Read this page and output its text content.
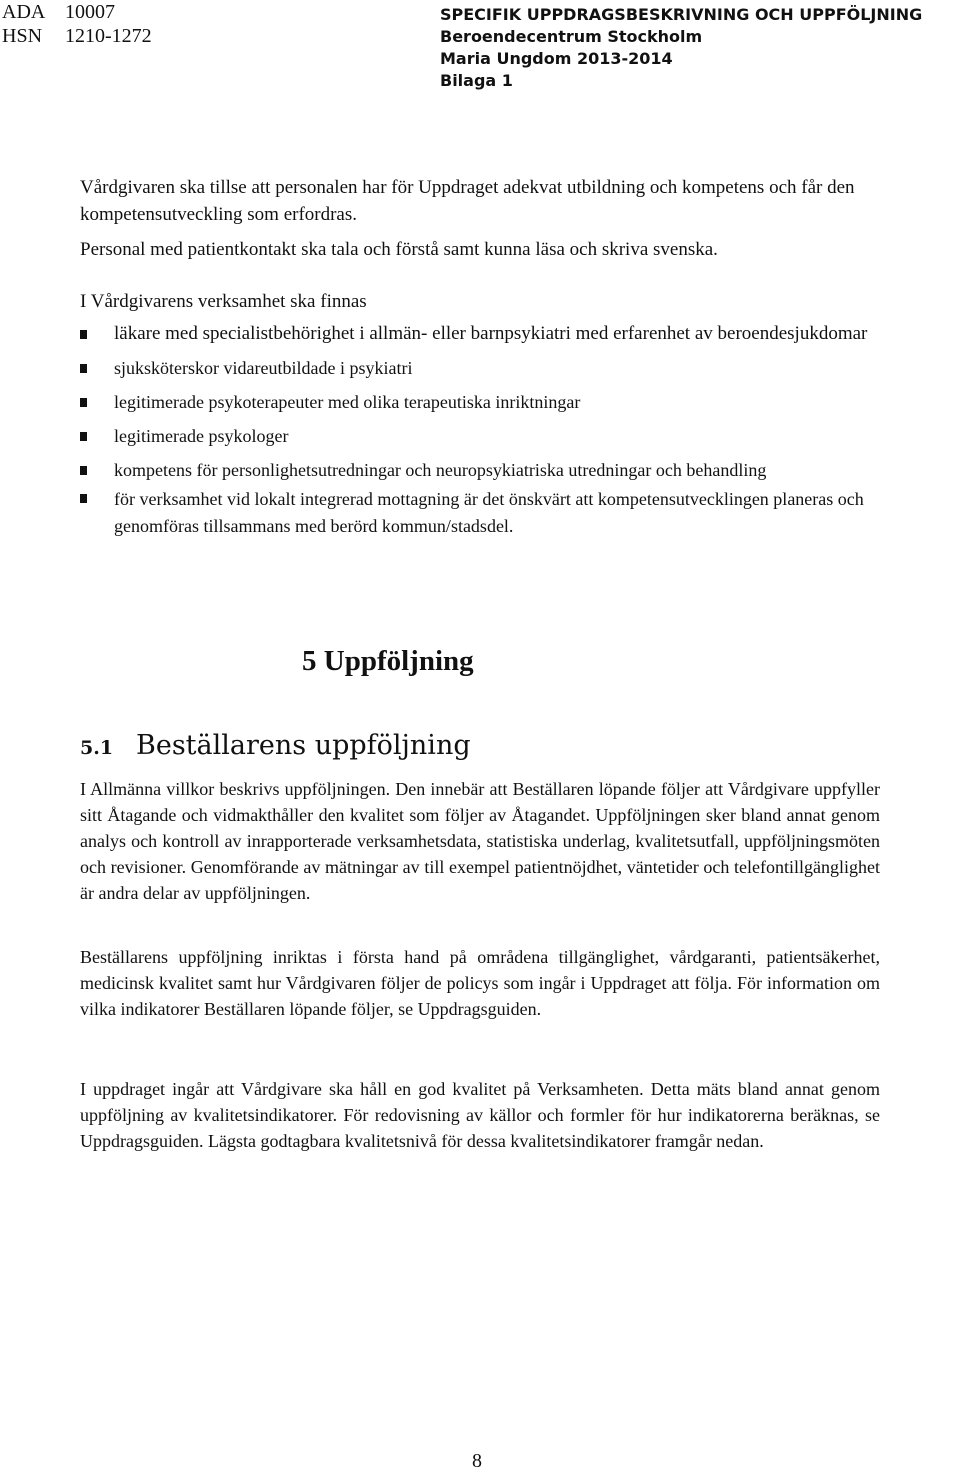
ADA 10007
HSN 1210-1272
SPECIFIK UPPDRAGSBESKRIVNING OCH UPPFÖLJNING
Beroendecentrum Stockholm
Maria Ungdom 2013-2014
Bilaga 1

Vårdgivaren ska tillse att personalen har för Uppdraget adekvat utbildning och kompetens och får den kompetensutveckling som erfordras.

Personal med patientkontakt ska tala och förstå samt kunna läsa och skriva svenska.

I Vårdgivarens verksamhet ska finnas

läkare med specialistbehörighet i allmän- eller barnpsykiatri med erfarenhet av beroendesjukdomar
sjuksköterskor vidareutbildade i psykiatri
legitimerade psykoterapeuter med olika terapeutiska inriktningar
legitimerade psykologer
kompetens för personlighetsutredningar och neuropsykiatriska utredningar och behandling
för verksamhet vid lokalt integrerad mottagning är det önskvärt att kompetensutvecklingen planeras och genomföras tillsammans med berörd kommun/stadsdel.
5 Uppföljning
5.1 Beställarens uppföljning

I Allmänna villkor beskrivs uppföljningen. Den innebär att Beställaren löpande följer att Vårdgivare uppfyller sitt Åtagande och vidmakthåller den kvalitet som följer av Åtagandet. Uppföljningen sker bland annat genom analys och kontroll av inrapporterade verksamhetsdata, statistiska underlag, kvalitetsutfall, uppföljningsmöten och revisioner. Genomförande av mätningar av till exempel patientnöjdhet, väntetider och telefontillgänglighet är andra delar av uppföljningen.

Beställarens uppföljning inriktas i första hand på områdena tillgänglighet, vårdgaranti, patientsäkerhet, medicinsk kvalitet samt hur Vårdgivaren följer de policys som ingår i Uppdraget att följa. För information om vilka indikatorer Beställaren löpande följer, se Uppdragsguiden.

I uppdraget ingår att Vårdgivare ska håll en god kvalitet på Verksamheten. Detta mäts bland annat genom uppföljning av kvalitetsindikatorer. För redovisning av källor och formler för hur indikatorerna beräknas, se Uppdragsguiden. Lägsta godtagbara kvalitetsnivå för dessa kvalitetsindikatorer framgår nedan.

8
